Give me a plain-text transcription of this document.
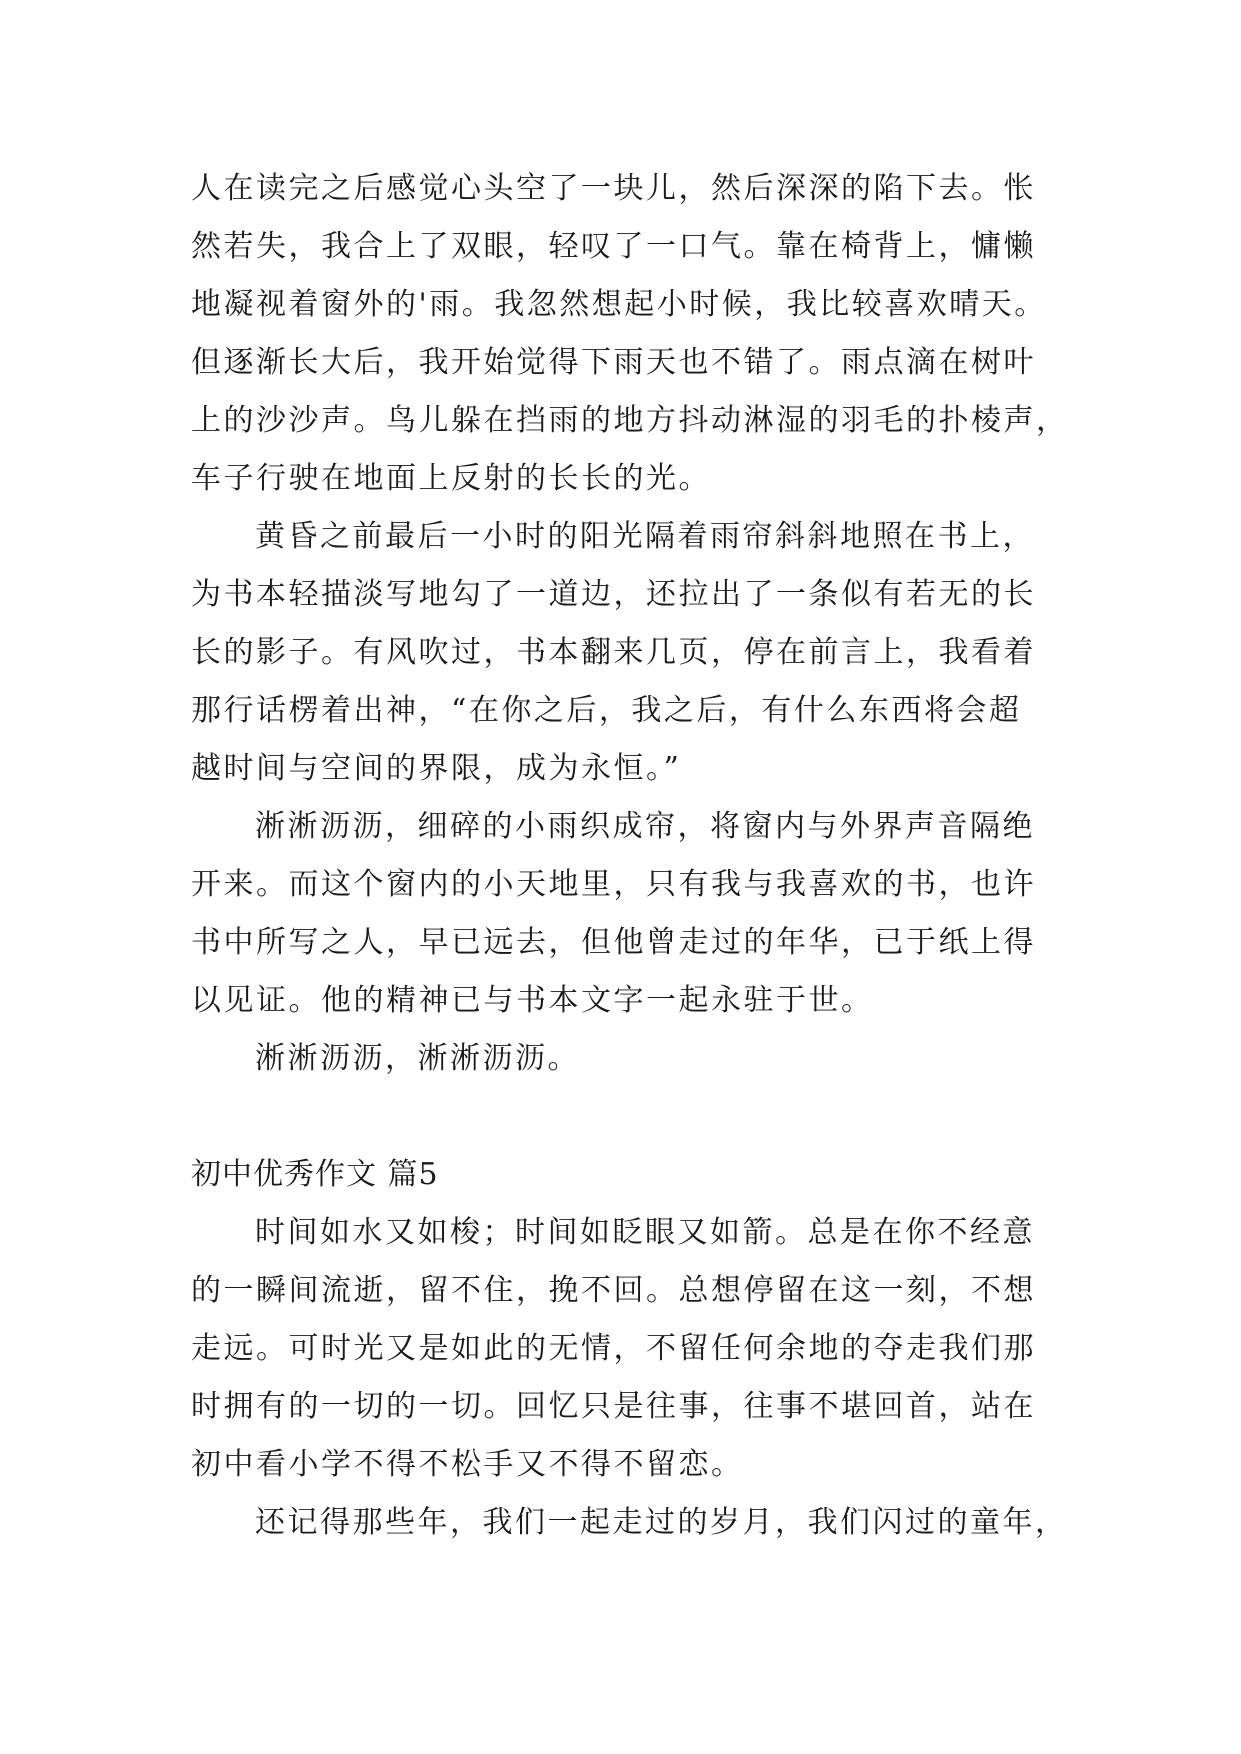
人在读完之后感觉心头空了一块儿，然后深深的陷下去。怅
然若失，我合上了双眼，轻叹了一口气。靠在椅背上，慵懒
地凝视着窗外的'雨。我忽然想起小时候，我比较喜欢晴天。
但逐渐长大后，我开始觉得下雨天也不错了。雨点滴在树叶
上的沙沙声。鸟儿躲在挡雨的地方抖动淋湿的羽毛的扑棱声，
车子行驶在地面上反射的长长的光。
黄昏之前最后一小时的阳光隔着雨帘斜斜地照在书上，
为书本轻描淡写地勾了一道边，还拉出了一条似有若无的长
长的影子。有风吹过，书本翻来几页，停在前言上，我看着
那行话楞着出神，“在你之后，我之后，有什么东西将会超
越时间与空间的界限，成为永恒。”
淅淅沥沥，细碎的小雨织成帘，将窗内与外界声音隔绝
开来。而这个窗内的小天地里，只有我与我喜欢的书，也许
书中所写之人，早已远去，但他曾走过的年华，已于纸上得
以见证。他的精神已与书本文字一起永驻于世。
淅淅沥沥，淅淅沥沥。
初中优秀作文 篇5
时间如水又如梭；时间如眨眼又如箭。总是在你不经意
的一瞬间流逝，留不住，挽不回。总想停留在这一刻，不想
走远。可时光又是如此的无情，不留任何余地的夺走我们那
时拥有的一切的一切。回忆只是往事，往事不堪回首，站在
初中看小学不得不松手又不得不留恋。
还记得那些年，我们一起走过的岁月，我们闪过的童年，
